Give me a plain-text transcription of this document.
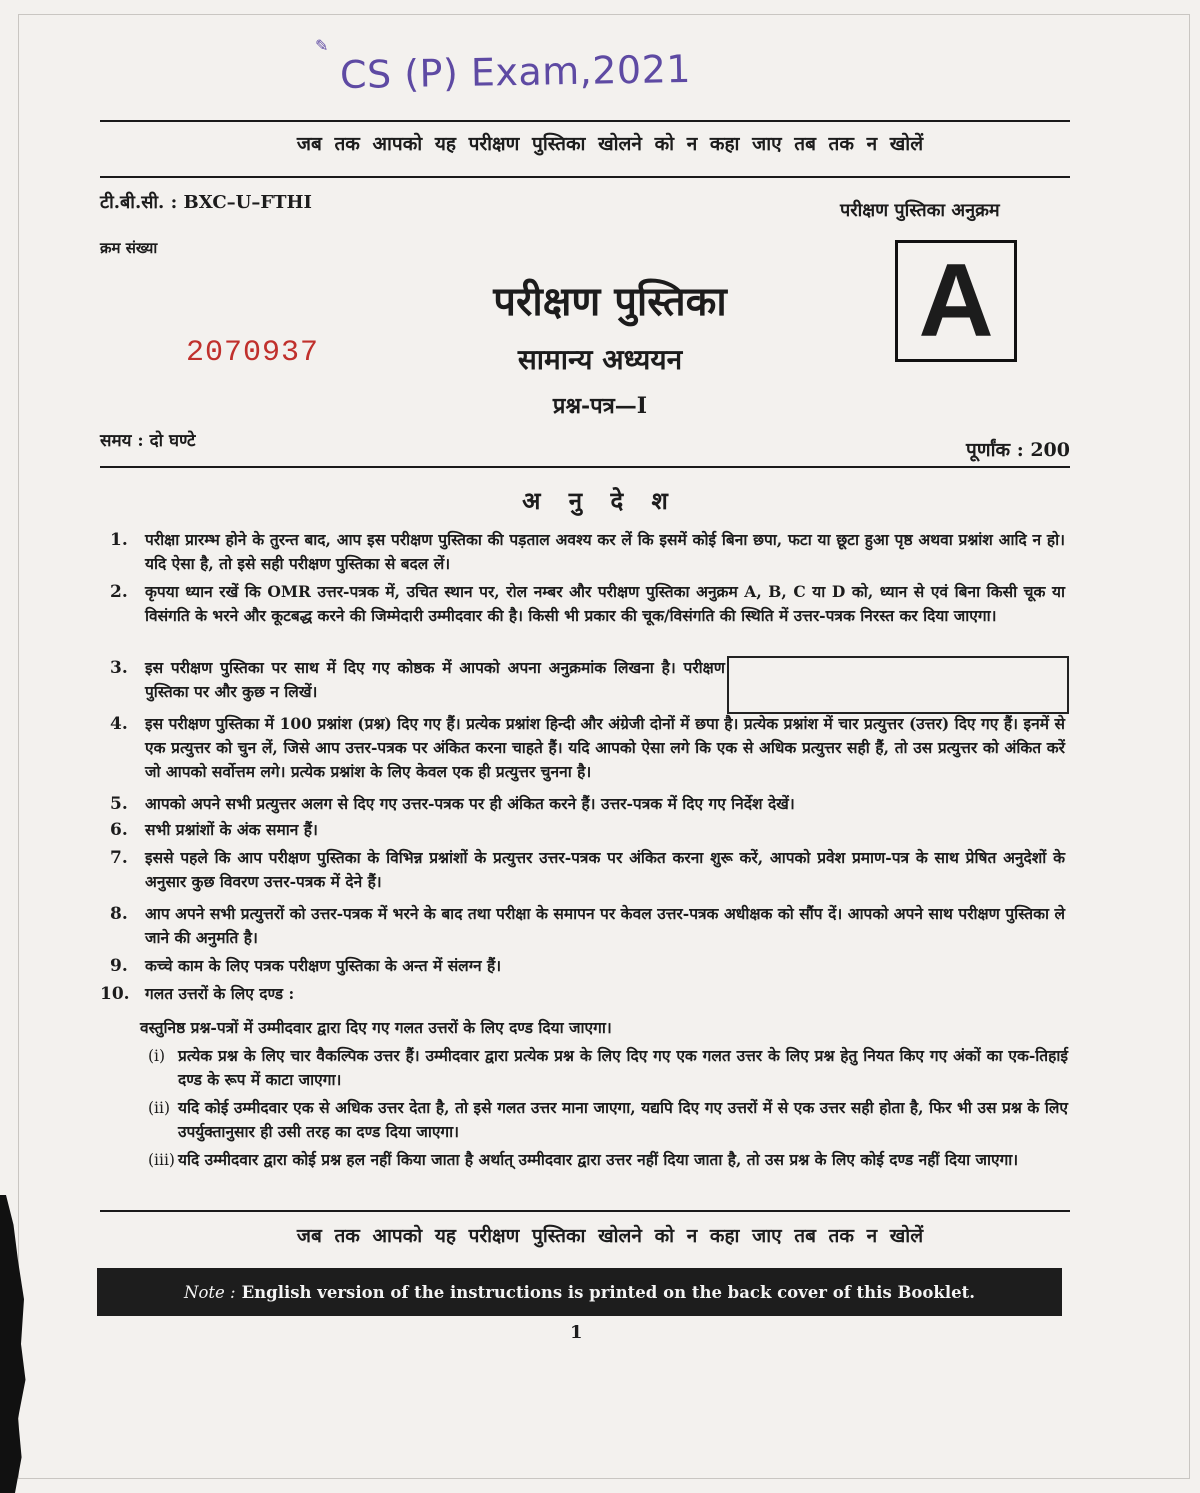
✎
CS (P) Exam,2021
जब तक आपको यह परीक्षण पुस्तिका खोलने को न कहा जाए तब तक न खोलें
टी.बी.सी. : BXC–U–FTHI
क्रम संख्या
परीक्षण पुस्तिका अनुक्रम
A
परीक्षण पुस्तिका
2070937	सामान्य अध्ययन
प्रश्न-पत्र—I
समय : दो घण्टे	पूर्णांक : 200
अ नु दे श
1. परीक्षा प्रारम्भ होने के तुरन्त बाद, आप इस परीक्षण पुस्तिका की पड़ताल अवश्य कर लें कि इसमें कोई बिना छपा, फटा या छूटा हुआ पृष्ठ अथवा प्रश्नांश आदि न हो। यदि ऐसा है, तो इसे सही परीक्षण पुस्तिका से बदल लें।
2. कृपया ध्यान रखें कि OMR उत्तर-पत्रक में, उचित स्थान पर, रोल नम्बर और परीक्षण पुस्तिका अनुक्रम A, B, C या D को, ध्यान से एवं बिना किसी चूक या विसंगति के भरने और कूटबद्ध करने की जिम्मेदारी उम्मीदवार की है। किसी भी प्रकार की चूक/विसंगति की स्थिति में उत्तर-पत्रक निरस्त कर दिया जाएगा।
3. इस परीक्षण पुस्तिका पर साथ में दिए गए कोष्ठक में आपको अपना अनुक्रमांक लिखना है। परीक्षण पुस्तिका पर और कुछ न लिखें।
4. इस परीक्षण पुस्तिका में 100 प्रश्नांश (प्रश्न) दिए गए हैं। प्रत्येक प्रश्नांश हिन्दी और अंग्रेजी दोनों में छपा है। प्रत्येक प्रश्नांश में चार प्रत्युत्तर (उत्तर) दिए गए हैं। इनमें से एक प्रत्युत्तर को चुन लें, जिसे आप उत्तर-पत्रक पर अंकित करना चाहते हैं। यदि आपको ऐसा लगे कि एक से अधिक प्रत्युत्तर सही हैं, तो उस प्रत्युत्तर को अंकित करें जो आपको सर्वोत्तम लगे। प्रत्येक प्रश्नांश के लिए केवल एक ही प्रत्युत्तर चुनना है।
5. आपको अपने सभी प्रत्युत्तर अलग से दिए गए उत्तर-पत्रक पर ही अंकित करने हैं। उत्तर-पत्रक में दिए गए निर्देश देखें।
6. सभी प्रश्नांशों के अंक समान हैं।
7. इससे पहले कि आप परीक्षण पुस्तिका के विभिन्न प्रश्नांशों के प्रत्युत्तर उत्तर-पत्रक पर अंकित करना शुरू करें, आपको प्रवेश प्रमाण-पत्र के साथ प्रेषित अनुदेशों के अनुसार कुछ विवरण उत्तर-पत्रक में देने हैं।
8. आप अपने सभी प्रत्युत्तरों को उत्तर-पत्रक में भरने के बाद तथा परीक्षा के समापन पर केवल उत्तर-पत्रक अधीक्षक को सौंप दें। आपको अपने साथ परीक्षण पुस्तिका ले जाने की अनुमति है।
9. कच्चे काम के लिए पत्रक परीक्षण पुस्तिका के अन्त में संलग्न हैं।
10. गलत उत्तरों के लिए दण्ड :
वस्तुनिष्ठ प्रश्न-पत्रों में उम्मीदवार द्वारा दिए गए गलत उत्तरों के लिए दण्ड दिया जाएगा।
(i) प्रत्येक प्रश्न के लिए चार वैकल्पिक उत्तर हैं। उम्मीदवार द्वारा प्रत्येक प्रश्न के लिए दिए गए एक गलत उत्तर के लिए प्रश्न हेतु नियत किए गए अंकों का एक-तिहाई दण्ड के रूप में काटा जाएगा।
(ii) यदि कोई उम्मीदवार एक से अधिक उत्तर देता है, तो इसे गलत उत्तर माना जाएगा, यद्यपि दिए गए उत्तरों में से एक उत्तर सही होता है, फिर भी उस प्रश्न के लिए उपर्युक्तानुसार ही उसी तरह का दण्ड दिया जाएगा।
(iii) यदि उम्मीदवार द्वारा कोई प्रश्न हल नहीं किया जाता है अर्थात् उम्मीदवार द्वारा उत्तर नहीं दिया जाता है, तो उस प्रश्न के लिए कोई दण्ड नहीं दिया जाएगा।
जब तक आपको यह परीक्षण पुस्तिका खोलने को न कहा जाए तब तक न खोलें
Note : English version of the instructions is printed on the back cover of this Booklet.
1
